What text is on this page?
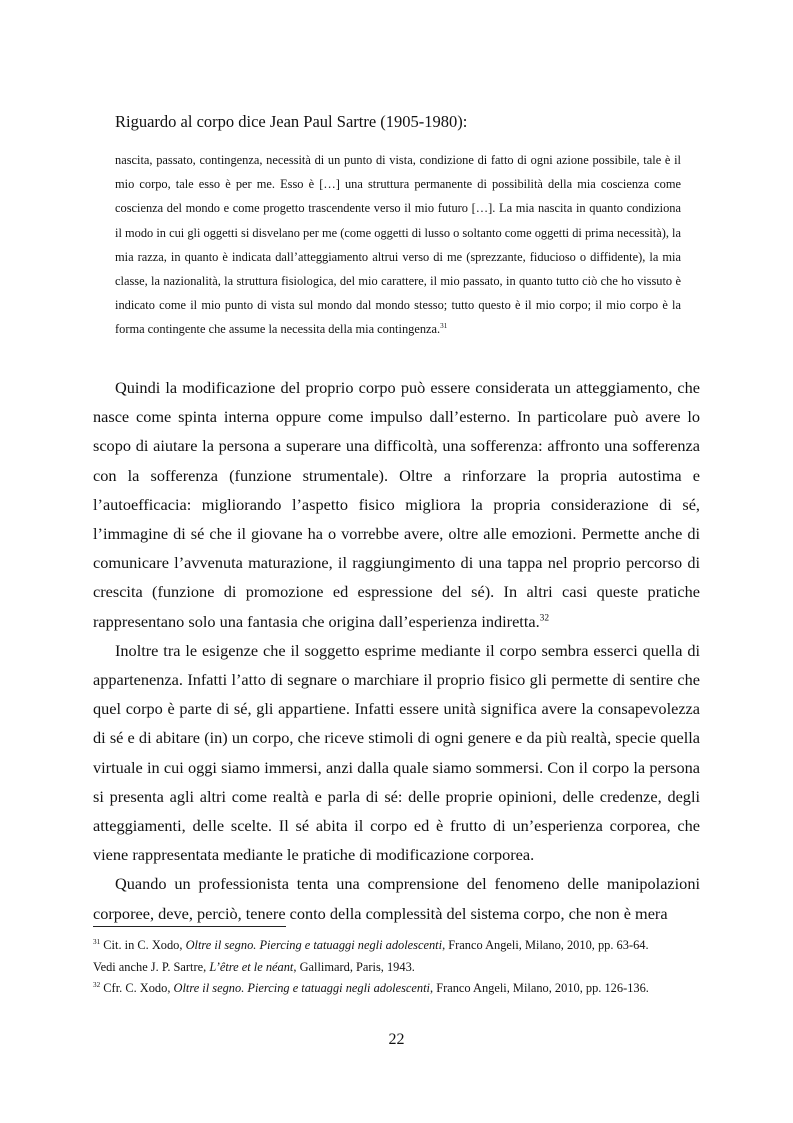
Riguardo al corpo dice Jean Paul Sartre (1905-1980):

nascita, passato, contingenza, necessità di un punto di vista, condizione di fatto di ogni azione possibile, tale è il mio corpo, tale esso è per me. Esso è […] una struttura permanente di possibilità della mia coscienza come coscienza del mondo e come progetto trascendente verso il mio futuro […]. La mia nascita in quanto condiziona il modo in cui gli oggetti si disvelano per me (come oggetti di lusso o soltanto come oggetti di prima necessità), la mia razza, in quanto è indicata dall’atteggiamento altrui verso di me (sprezzante, fiducioso o diffidente), la mia classe, la nazionalità, la struttura fisiologica, del mio carattere, il mio passato, in quanto tutto ciò che ho vissuto è indicato come il mio punto di vista sul mondo dal mondo stesso; tutto questo è il mio corpo; il mio corpo è la forma contingente che assume la necessita della mia contingenza.$^{31}$

Quindi la modificazione del proprio corpo può essere considerata un atteggiamento, che nasce come spinta interna oppure come impulso dall’esterno. In particolare può avere lo scopo di aiutare la persona a superare una difficoltà, una sofferenza: affronto una sofferenza con la sofferenza (funzione strumentale). Oltre a rinforzare la propria autostima e l’autoefficacia: migliorando l’aspetto fisico migliora la propria considerazione di sé, l’immagine di sé che il giovane ha o vorrebbe avere, oltre alle emozioni. Permette anche di comunicare l’avvenuta maturazione, il raggiungimento di una tappa nel proprio percorso di crescita (funzione di promozione ed espressione del sé). In altri casi queste pratiche rappresentano solo una fantasia che origina dall’esperienza indiretta.$^{32}$

Inoltre tra le esigenze che il soggetto esprime mediante il corpo sembra esserci quella di appartenenza. Infatti l’atto di segnare o marchiare il proprio fisico gli permette di sentire che quel corpo è parte di sé, gli appartiene. Infatti essere unità significa avere la consapevolezza di sé e di abitare (in) un corpo, che riceve stimoli di ogni genere e da più realtà, specie quella virtuale in cui oggi siamo immersi, anzi dalla quale siamo sommersi. Con il corpo la persona si presenta agli altri come realtà e parla di sé: delle proprie opinioni, delle credenze, degli atteggiamenti, delle scelte. Il sé abita il corpo ed è frutto di un’esperienza corporea, che viene rappresentata mediante le pratiche di modificazione corporea.

Quando un professionista tenta una comprensione del fenomeno delle manipolazioni corporee, deve, perciò, tenere conto della complessità del sistema corpo, che non è mera

$^{31}$ Cit. in C. Xodo, Oltre il segno. Piercing e tatuaggi negli adolescenti, Franco Angeli, Milano, 2010, pp. 63-64.
Vedi anche J. P. Sartre, L’être et le néant, Gallimard, Paris, 1943.

$^{32}$ Cfr. C. Xodo, Oltre il segno. Piercing e tatuaggi negli adolescenti, Franco Angeli, Milano, 2010, pp. 126-136.

22
